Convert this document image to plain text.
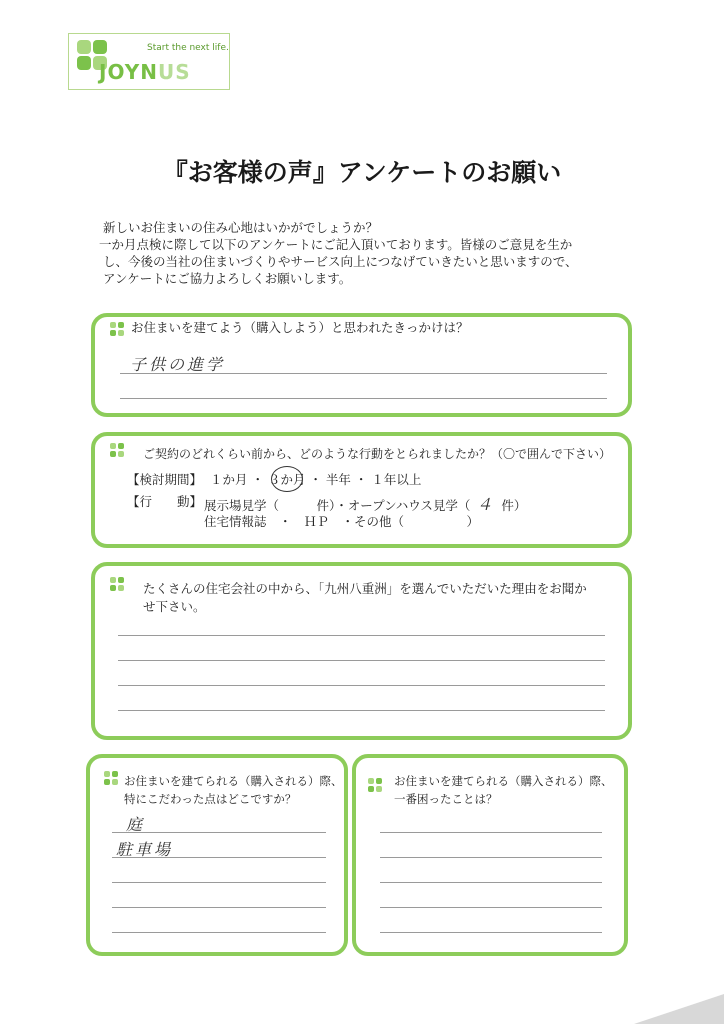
Start the next life.
JOYNUS
『お客様の声』アンケートのお願い

新しいお住まいの住み心地はいかがでしょうか？

一か月点検に際して以下のアンケートにご記入頂いております。皆様のご意見を生か

し、今後の当社の住まいづくりやサービス向上につなげていきたいと思いますので、

アンケートにご協力よろしくお願いします。

お住まいを建てよう（購入しよう）と思われたきっかけは？
子供の進学
ご契約のどれくらい前から、どのような行動をとられましたか？（〇で囲んで下さい）
【検討期間】 １か月 ・ ３か月 ・ 半年 ・ １年以上
【行　　動】 展示場見学（　　　件）・オープンハウス見学（ ４ 件）
住宅情報誌　・　ＨＰ　・その他（　　　　　）
たくさんの住宅会社の中から、「九州八重洲」を選んでいただいた理由をお聞か
せ下さい。
お住まいを建てられる（購入される）際、
特にこだわった点はどこですか？
庭
駐車場
お住まいを建てられる（購入される）際、
一番困ったことは？
